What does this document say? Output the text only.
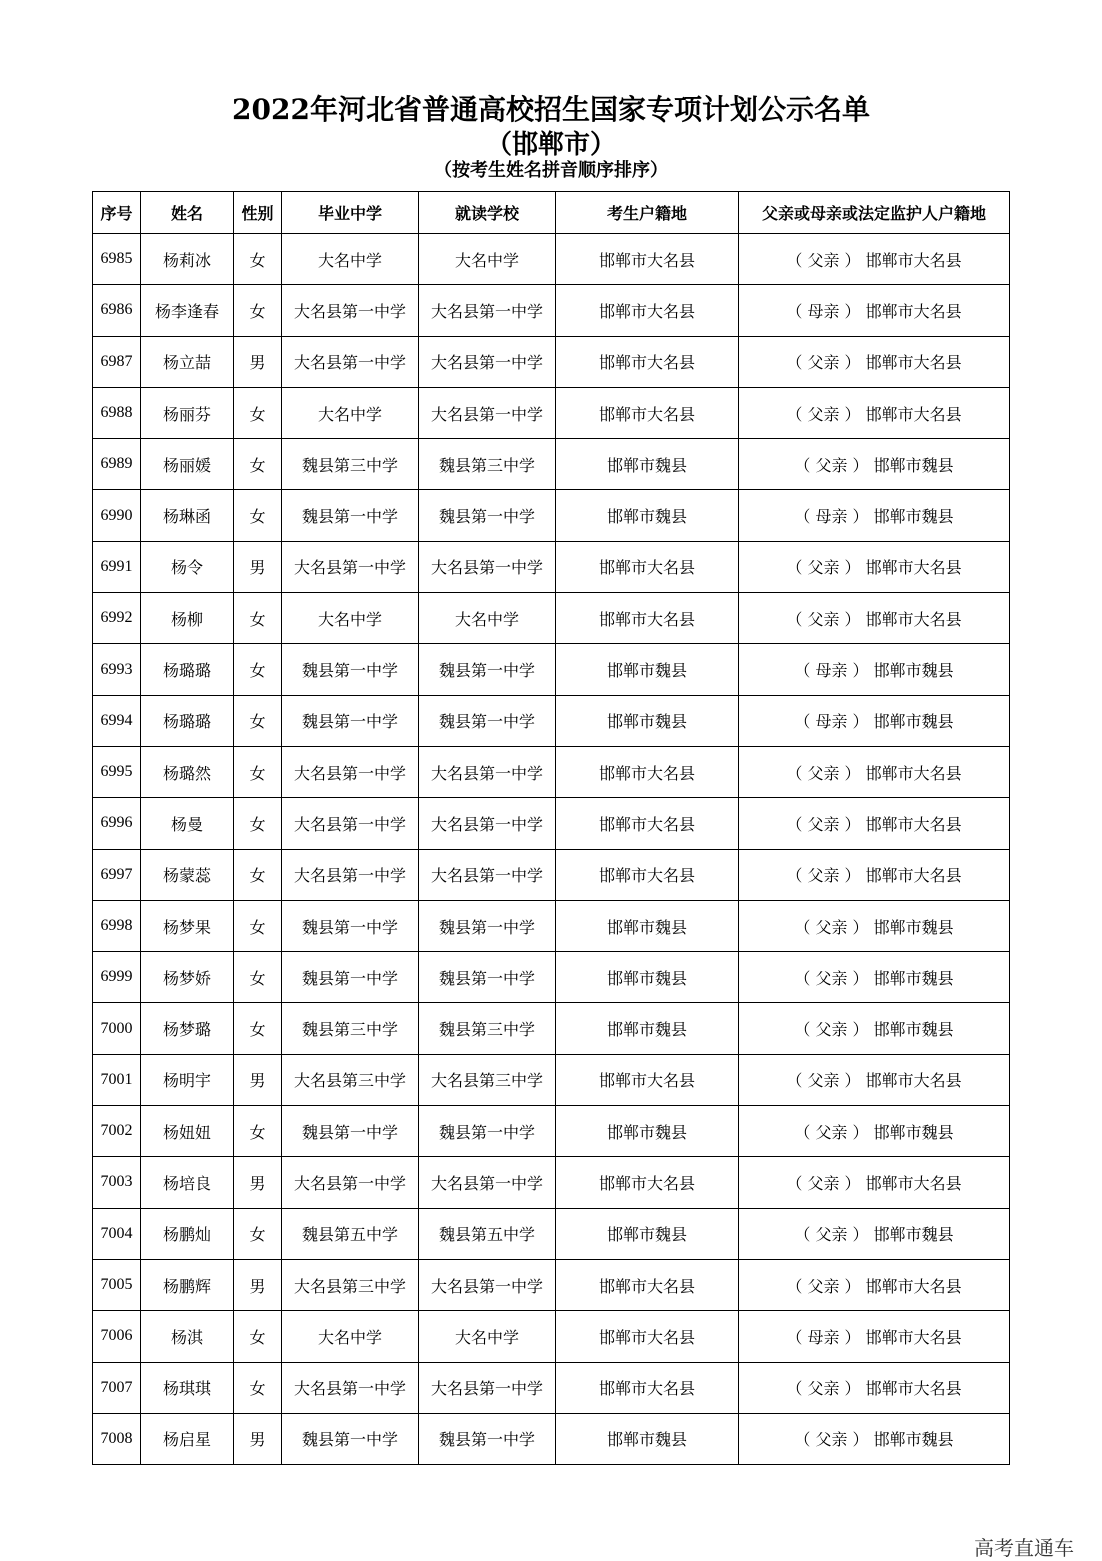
2022年河北省普通高校招生国家专项计划公示名单
（邯郸市）
（按考生姓名拼音顺序排序）
序号	姓名	性别	毕业中学	就读学校	考生户籍地	父亲或母亲或法定监护人户籍地
6985	杨莉冰	女	大名中学	大名中学	邯郸市大名县	（ 父亲 ） 邯郸市大名县
6986	杨李逢春	女	大名县第一中学	大名县第一中学	邯郸市大名县	（ 母亲 ） 邯郸市大名县
6987	杨立喆	男	大名县第一中学	大名县第一中学	邯郸市大名县	（ 父亲 ） 邯郸市大名县
6988	杨丽芬	女	大名中学	大名县第一中学	邯郸市大名县	（ 父亲 ） 邯郸市大名县
6989	杨丽媛	女	魏县第三中学	魏县第三中学	邯郸市魏县	（ 父亲 ） 邯郸市魏县
6990	杨琳函	女	魏县第一中学	魏县第一中学	邯郸市魏县	（ 母亲 ） 邯郸市魏县
6991	杨令	男	大名县第一中学	大名县第一中学	邯郸市大名县	（ 父亲 ） 邯郸市大名县
6992	杨柳	女	大名中学	大名中学	邯郸市大名县	（ 父亲 ） 邯郸市大名县
6993	杨璐璐	女	魏县第一中学	魏县第一中学	邯郸市魏县	（ 母亲 ） 邯郸市魏县
6994	杨璐璐	女	魏县第一中学	魏县第一中学	邯郸市魏县	（ 母亲 ） 邯郸市魏县
6995	杨璐然	女	大名县第一中学	大名县第一中学	邯郸市大名县	（ 父亲 ） 邯郸市大名县
6996	杨曼	女	大名县第一中学	大名县第一中学	邯郸市大名县	（ 父亲 ） 邯郸市大名县
6997	杨蒙蕊	女	大名县第一中学	大名县第一中学	邯郸市大名县	（ 父亲 ） 邯郸市大名县
6998	杨梦果	女	魏县第一中学	魏县第一中学	邯郸市魏县	（ 父亲 ） 邯郸市魏县
6999	杨梦娇	女	魏县第一中学	魏县第一中学	邯郸市魏县	（ 父亲 ） 邯郸市魏县
7000	杨梦璐	女	魏县第三中学	魏县第三中学	邯郸市魏县	（ 父亲 ） 邯郸市魏县
7001	杨明宇	男	大名县第三中学	大名县第三中学	邯郸市大名县	（ 父亲 ） 邯郸市大名县
7002	杨妞妞	女	魏县第一中学	魏县第一中学	邯郸市魏县	（ 父亲 ） 邯郸市魏县
7003	杨培良	男	大名县第一中学	大名县第一中学	邯郸市大名县	（ 父亲 ） 邯郸市大名县
7004	杨鹏灿	女	魏县第五中学	魏县第五中学	邯郸市魏县	（ 父亲 ） 邯郸市魏县
7005	杨鹏辉	男	大名县第三中学	大名县第一中学	邯郸市大名县	（ 父亲 ） 邯郸市大名县
7006	杨淇	女	大名中学	大名中学	邯郸市大名县	（ 母亲 ） 邯郸市大名县
7007	杨琪琪	女	大名县第一中学	大名县第一中学	邯郸市大名县	（ 父亲 ） 邯郸市大名县
7008	杨启星	男	魏县第一中学	魏县第一中学	邯郸市魏县	（ 父亲 ） 邯郸市魏县
高考直通车
